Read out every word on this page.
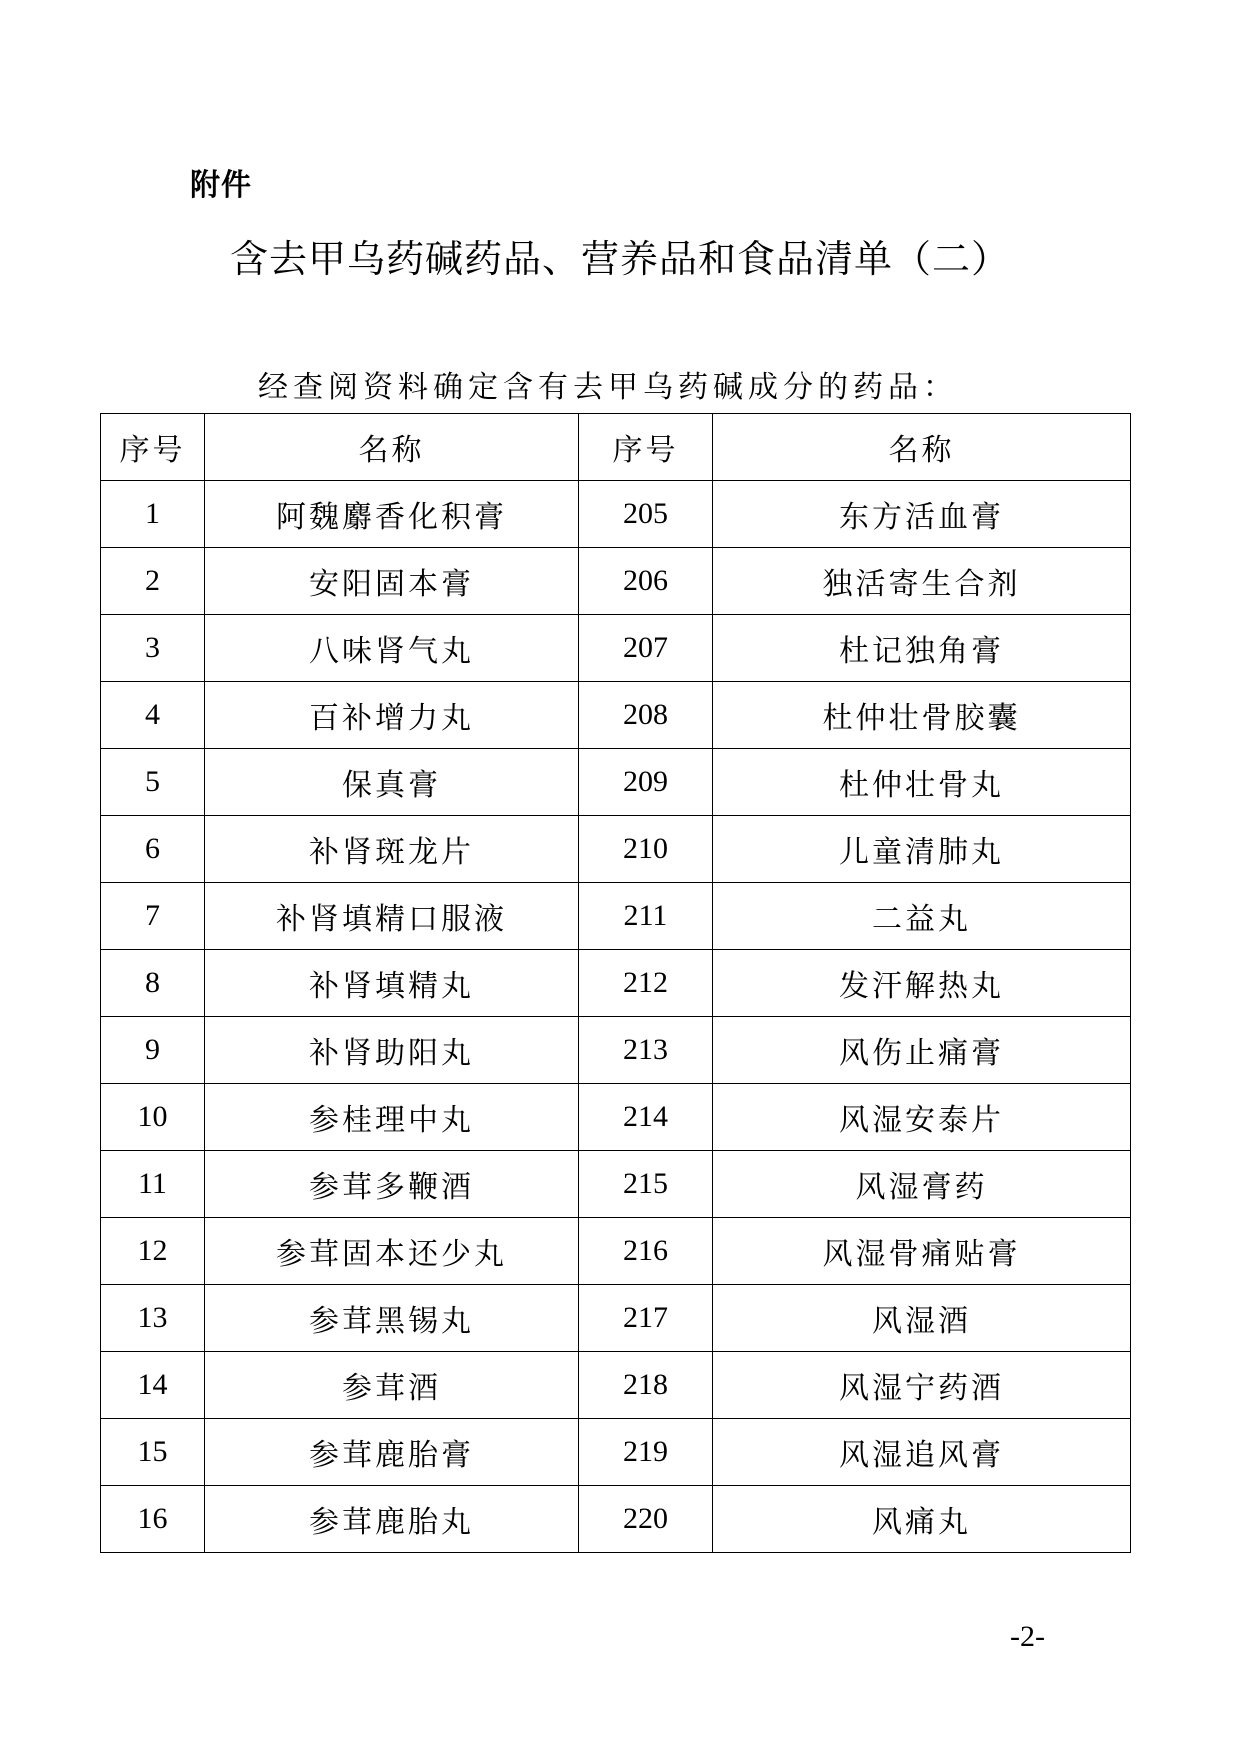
附件
含去甲乌药碱药品、营养品和食品清单（二）
经查阅资料确定含有去甲乌药碱成分的药品：
序号	名称	序号	名称
1	阿魏麝香化积膏	205	东方活血膏
2	安阳固本膏	206	独活寄生合剂
3	八味肾气丸	207	杜记独角膏
4	百补增力丸	208	杜仲壮骨胶囊
5	保真膏	209	杜仲壮骨丸
6	补肾斑龙片	210	儿童清肺丸
7	补肾填精口服液	211	二益丸
8	补肾填精丸	212	发汗解热丸
9	补肾助阳丸	213	风伤止痛膏
10	参桂理中丸	214	风湿安泰片
11	参茸多鞭酒	215	风湿膏药
12	参茸固本还少丸	216	风湿骨痛贴膏
13	参茸黑锡丸	217	风湿酒
14	参茸酒	218	风湿宁药酒
15	参茸鹿胎膏	219	风湿追风膏
16	参茸鹿胎丸	220	风痛丸
-2-
